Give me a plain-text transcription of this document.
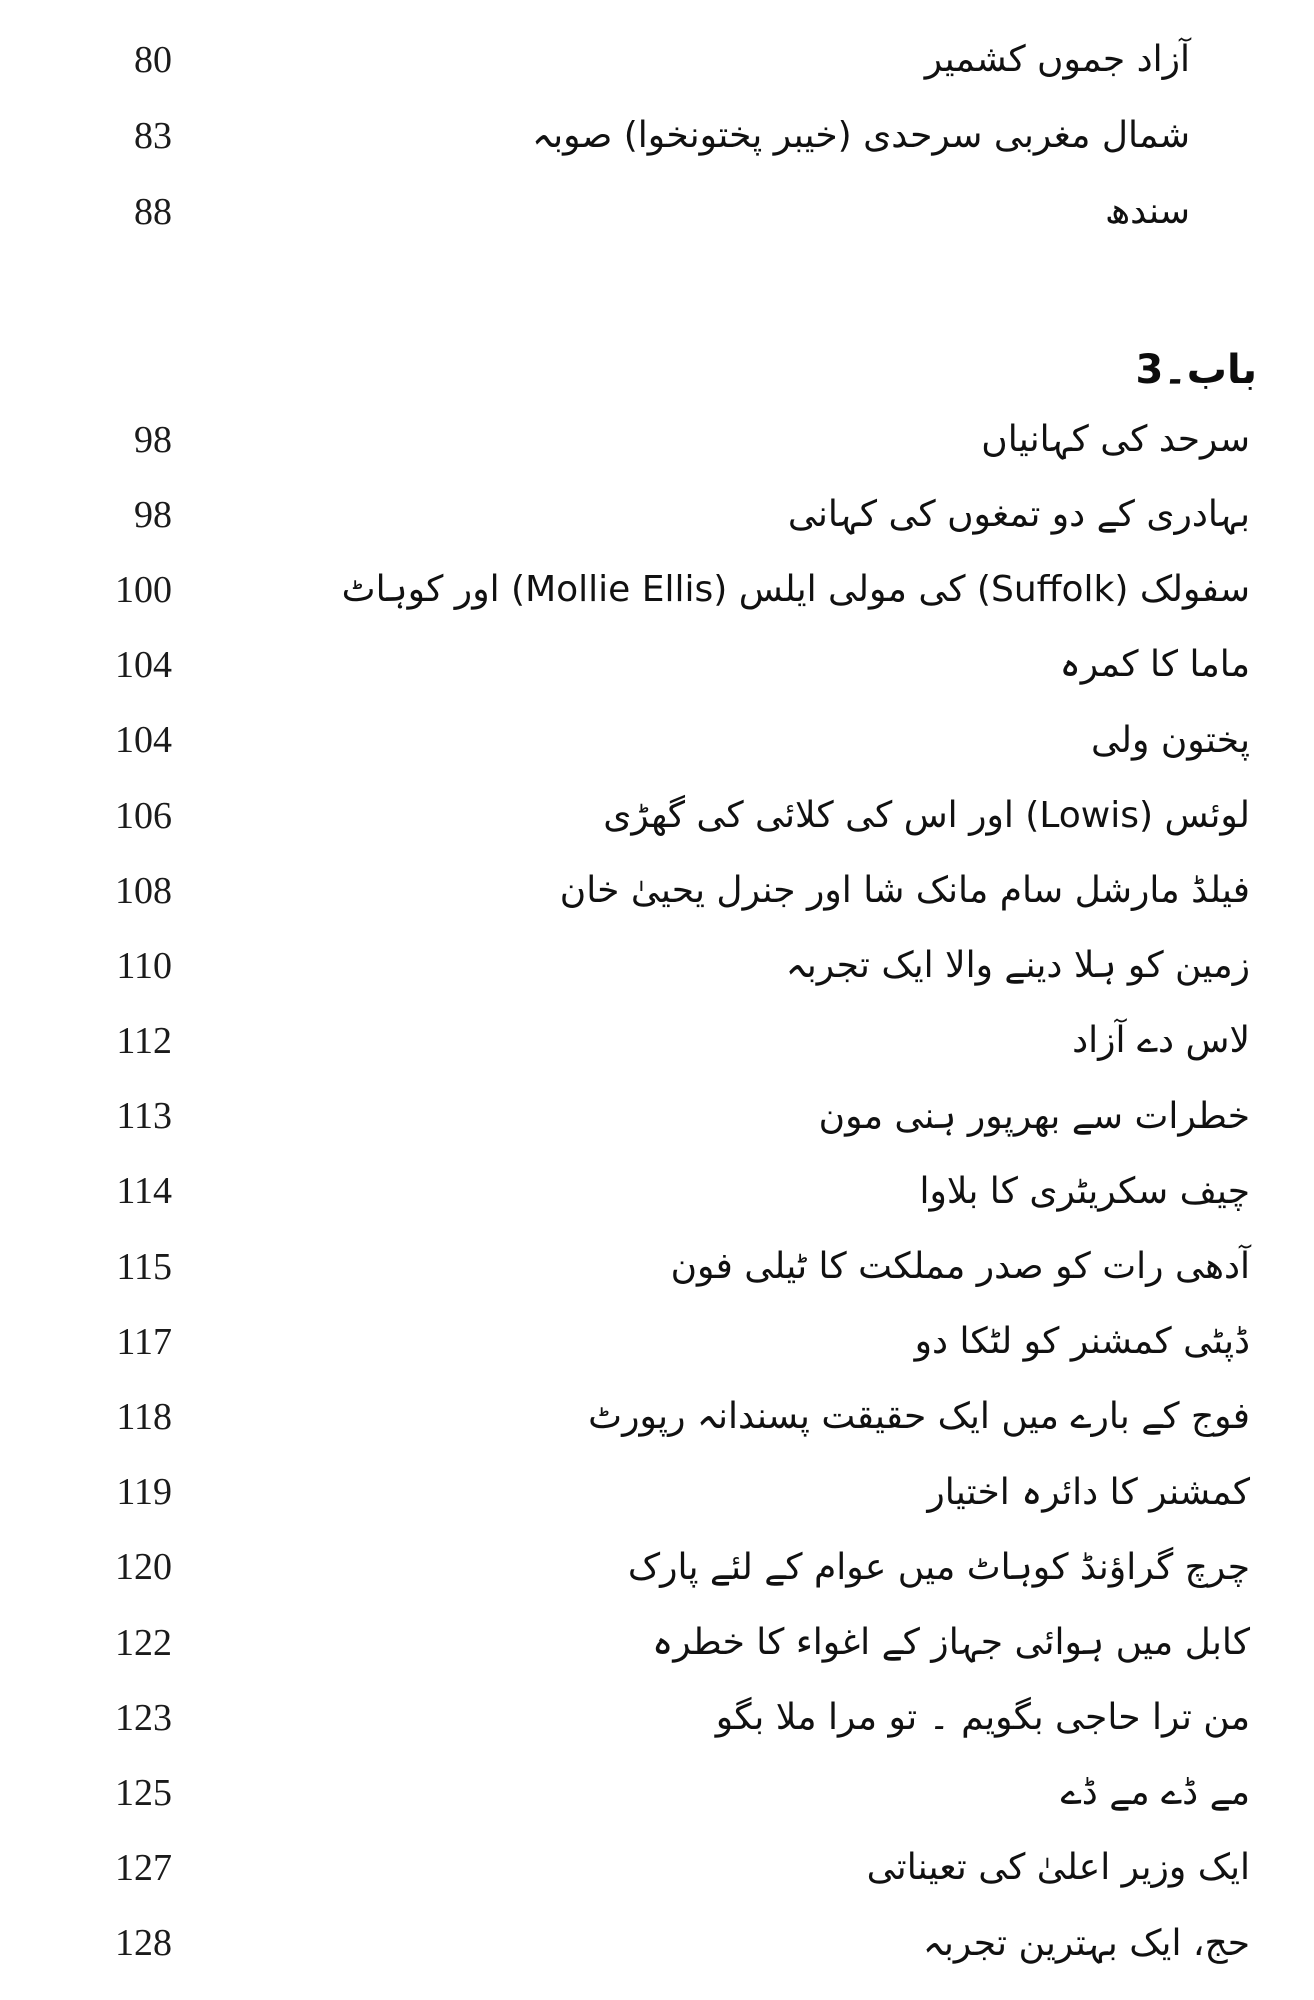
80	آزاد جموں کشمیر
83	شمال مغربی سرحدی (خیبر پختونخوا) صوبہ
88	سندھ
باب۔3
98	سرحد کی کہانیاں
98	بہادری کے دو تمغوں کی کہانی
100	سفولک (Suffolk) کی مولی ایلس (Mollie Ellis) اور کوہاٹ
104	ماما کا کمرہ
104	پختون ولی
106	لوئس (Lowis) اور اس کی کلائی کی گھڑی
108	فیلڈ مارشل سام مانک شا اور جنرل یحییٰ خان
110	زمین کو ہلا دینے والا ایک تجربہ
112	لاس دے آزاد
113	خطرات سے بھرپور ہنی مون
114	چیف سکریٹری کا بلاوا
115	آدھی رات کو صدر مملکت کا ٹیلی فون
117	ڈپٹی کمشنر کو لٹکا دو
118	فوج کے بارے میں ایک حقیقت پسندانہ رپورٹ
119	کمشنر کا دائرہ اختیار
120	چرچ گراؤنڈ کوہاٹ میں عوام کے لئے پارک
122	کابل میں ہوائی جہاز کے اغواء کا خطرہ
123	من ترا حاجی بگویم ۔ تو مرا ملا بگو
125	مے ڈے مے ڈے
127	ایک وزیر اعلیٰ کی تعیناتی
128	حج، ایک بہترین تجربہ
